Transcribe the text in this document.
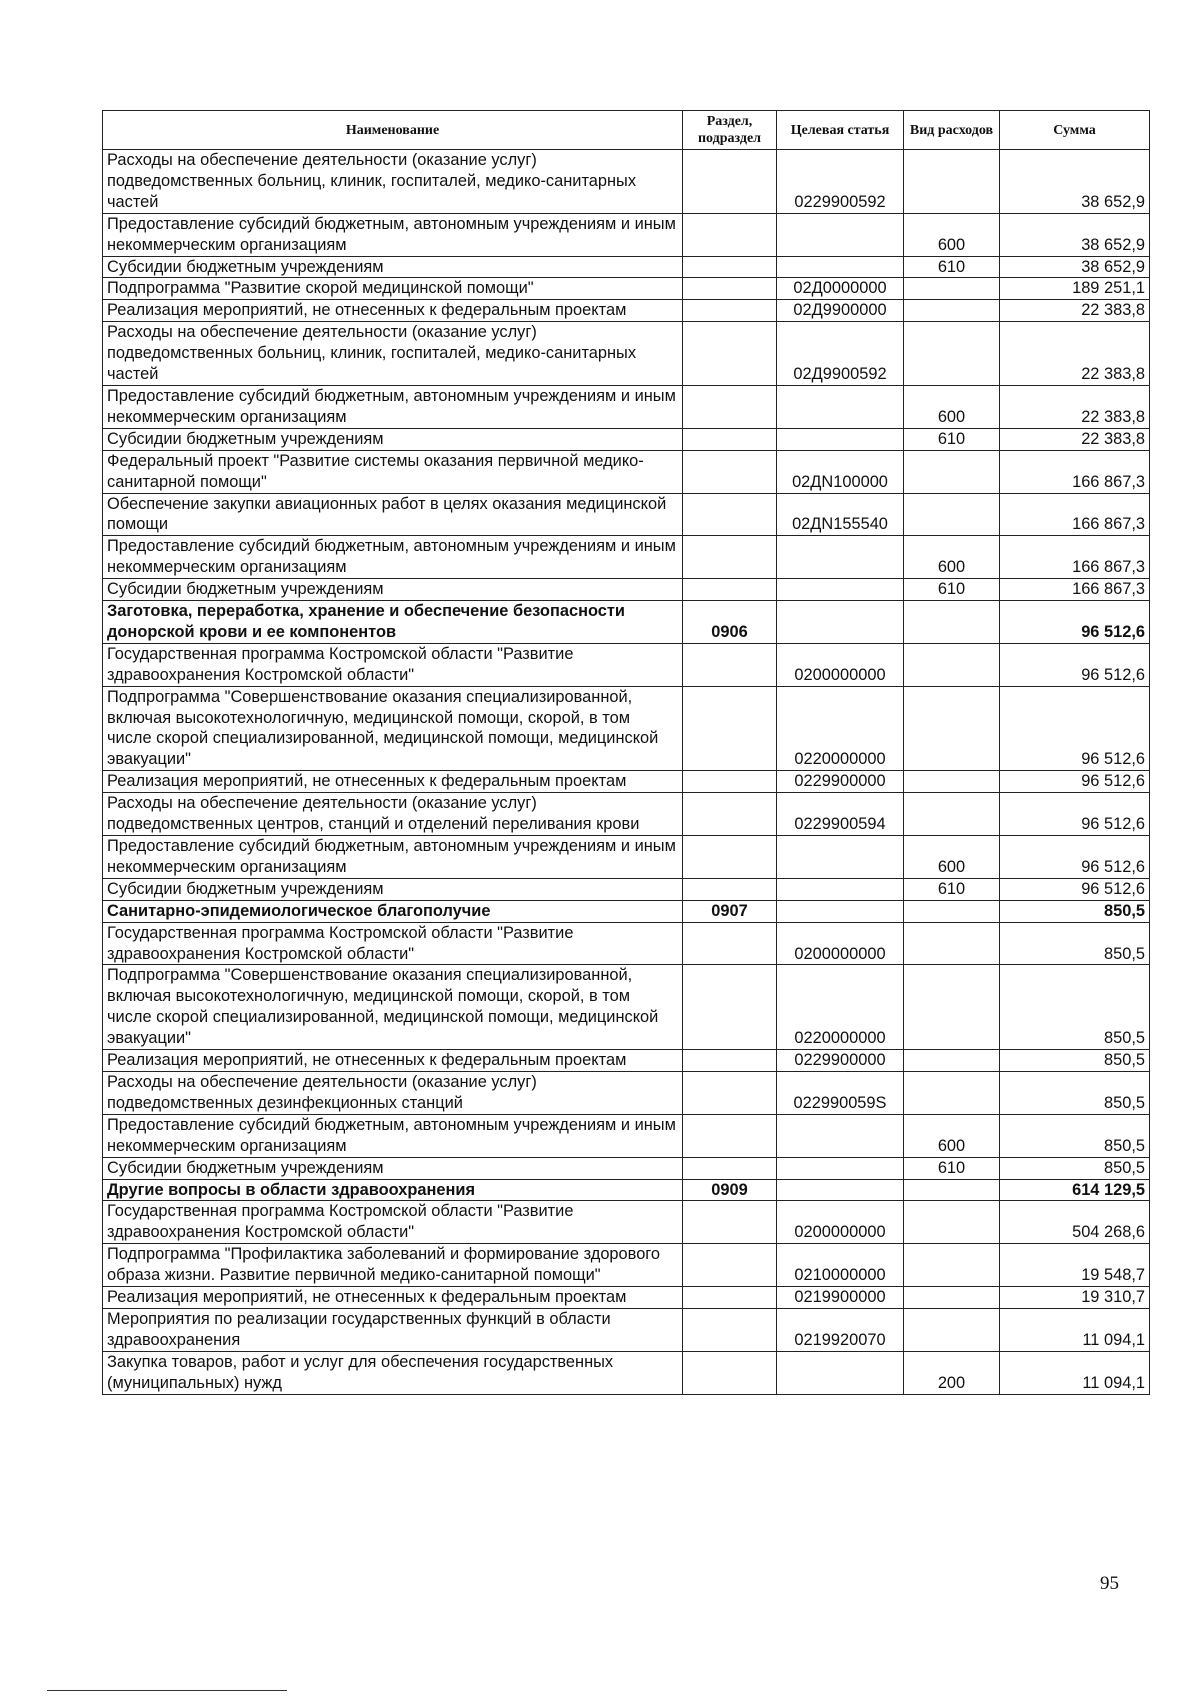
Наименование	Раздел, подраздел	Целевая статья	Вид расходов	Сумма
Расходы на обеспечение деятельности (оказание услуг) подведомственных больниц, клиник, госпиталей, медико-санитарных частей		0229900592		38 652,9
Предоставление субсидий бюджетным, автономным учреждениям и иным некоммерческим организациям			600	38 652,9
Субсидии бюджетным учреждениям			610	38 652,9
Подпрограмма "Развитие скорой медицинской помощи"		02Д0000000		189 251,1
Реализация мероприятий, не отнесенных к федеральным проектам		02Д9900000		22 383,8
Расходы на обеспечение деятельности (оказание услуг) подведомственных больниц, клиник, госпиталей, медико-санитарных частей		02Д9900592		22 383,8
Предоставление субсидий бюджетным, автономным учреждениям и иным некоммерческим организациям			600	22 383,8
Субсидии бюджетным учреждениям			610	22 383,8
Федеральный проект "Развитие системы оказания первичной медико-санитарной помощи"		02ДN100000		166 867,3
Обеспечение закупки авиационных работ в целях оказания медицинской помощи		02ДN155540		166 867,3
Предоставление субсидий бюджетным, автономным учреждениям и иным некоммерческим организациям			600	166 867,3
Субсидии бюджетным учреждениям			610	166 867,3
Заготовка, переработка, хранение и обеспечение безопасности донорской крови и ее компонентов	0906			96 512,6
Государственная программа Костромской области "Развитие здравоохранения Костромской области"		0200000000		96 512,6
Подпрограмма "Совершенствование оказания специализированной, включая высокотехнологичную, медицинской помощи, скорой, в том числе скорой специализированной, медицинской помощи, медицинской эвакуации"		0220000000		96 512,6
Реализация мероприятий, не отнесенных к федеральным проектам		0229900000		96 512,6
Расходы на обеспечение деятельности (оказание услуг) подведомственных центров, станций и отделений переливания крови		0229900594		96 512,6
Предоставление субсидий бюджетным, автономным учреждениям и иным некоммерческим организациям			600	96 512,6
Субсидии бюджетным учреждениям			610	96 512,6
Санитарно-эпидемиологическое благополучие	0907			850,5
Государственная программа Костромской области "Развитие здравоохранения Костромской области"		0200000000		850,5
Подпрограмма "Совершенствование оказания специализированной, включая высокотехнологичную, медицинской помощи, скорой, в том числе скорой специализированной, медицинской помощи, медицинской эвакуации"		0220000000		850,5
Реализация мероприятий, не отнесенных к федеральным проектам		0229900000		850,5
Расходы на обеспечение деятельности (оказание услуг) подведомственных дезинфекционных станций		022990059S		850,5
Предоставление субсидий бюджетным, автономным учреждениям и иным некоммерческим организациям			600	850,5
Субсидии бюджетным учреждениям			610	850,5
Другие вопросы в области здравоохранения	0909			614 129,5
Государственная программа Костромской области "Развитие здравоохранения Костромской области"		0200000000		504 268,6
Подпрограмма "Профилактика заболеваний и формирование здорового образа жизни. Развитие первичной медико-санитарной помощи"		0210000000		19 548,7
Реализация мероприятий, не отнесенных к федеральным проектам		0219900000		19 310,7
Мероприятия по реализации государственных функций в области здравоохранения		0219920070		11 094,1
Закупка товаров, работ и услуг для обеспечения государственных (муниципальных) нужд			200	11 094,1
95
